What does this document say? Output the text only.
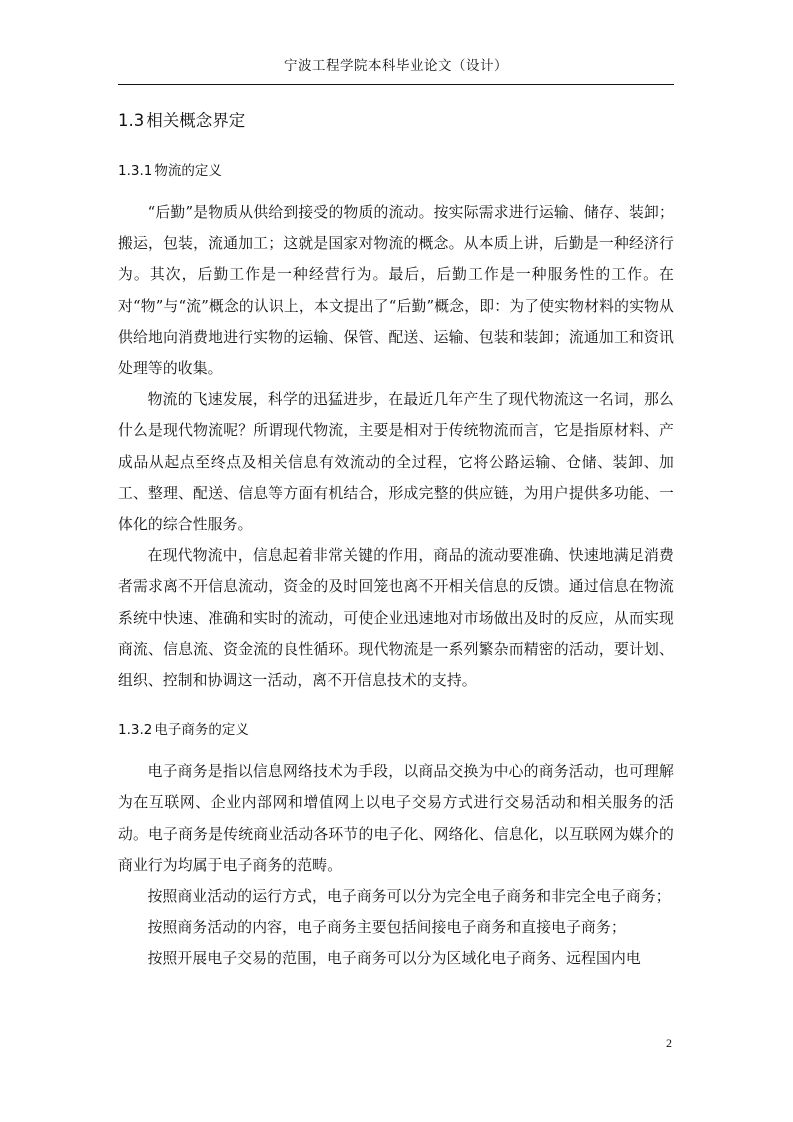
宁波工程学院本科毕业论文（设计）
1.3 相关概念界定
1.3.1 物流的定义

“后勤”是物质从供给到接受的物质的流动。按实际需求进行运输、储存、装卸；搬运，包装，流通加工；这就是国家对物流的概念。从本质上讲，后勤是一种经济行为。其次，后勤工作是一种经营行为。最后，后勤工作是一种服务性的工作。在对“物”与“流”概念的认识上，本文提出了“后勤”概念，即：为了使实物材料的实物从供给地向消费地进行实物的运输、保管、配送、运输、包装和装卸；流通加工和资讯处理等的收集。

物流的飞速发展，科学的迅猛进步，在最近几年产生了现代物流这一名词，那么什么是现代物流呢？所谓现代物流，主要是相对于传统物流而言，它是指原材料、产成品从起点至终点及相关信息有效流动的全过程，它将公路运输、仓储、装卸、加工、整理、配送、信息等方面有机结合，形成完整的供应链，为用户提供多功能、一体化的综合性服务。

在现代物流中，信息起着非常关键的作用，商品的流动要准确、快速地满足消费者需求离不开信息流动，资金的及时回笼也离不开相关信息的反馈。通过信息在物流系统中快速、准确和实时的流动，可使企业迅速地对市场做出及时的反应，从而实现商流、信息流、资金流的良性循环。现代物流是一系列繁杂而精密的活动，要计划、组织、控制和协调这一活动，离不开信息技术的支持。

1.3.2 电子商务的定义

电子商务是指以信息网络技术为手段，以商品交换为中心的商务活动，也可理解为在互联网、企业内部网和增值网上以电子交易方式进行交易活动和相关服务的活动。电子商务是传统商业活动各环节的电子化、网络化、信息化，以互联网为媒介的商业行为均属于电子商务的范畴。

按照商业活动的运行方式，电子商务可以分为完全电子商务和非完全电子商务；

按照商务活动的内容，电子商务主要包括间接电子商务和直接电子商务；

按照开展电子交易的范围，电子商务可以分为区域化电子商务、远程国内电

2
